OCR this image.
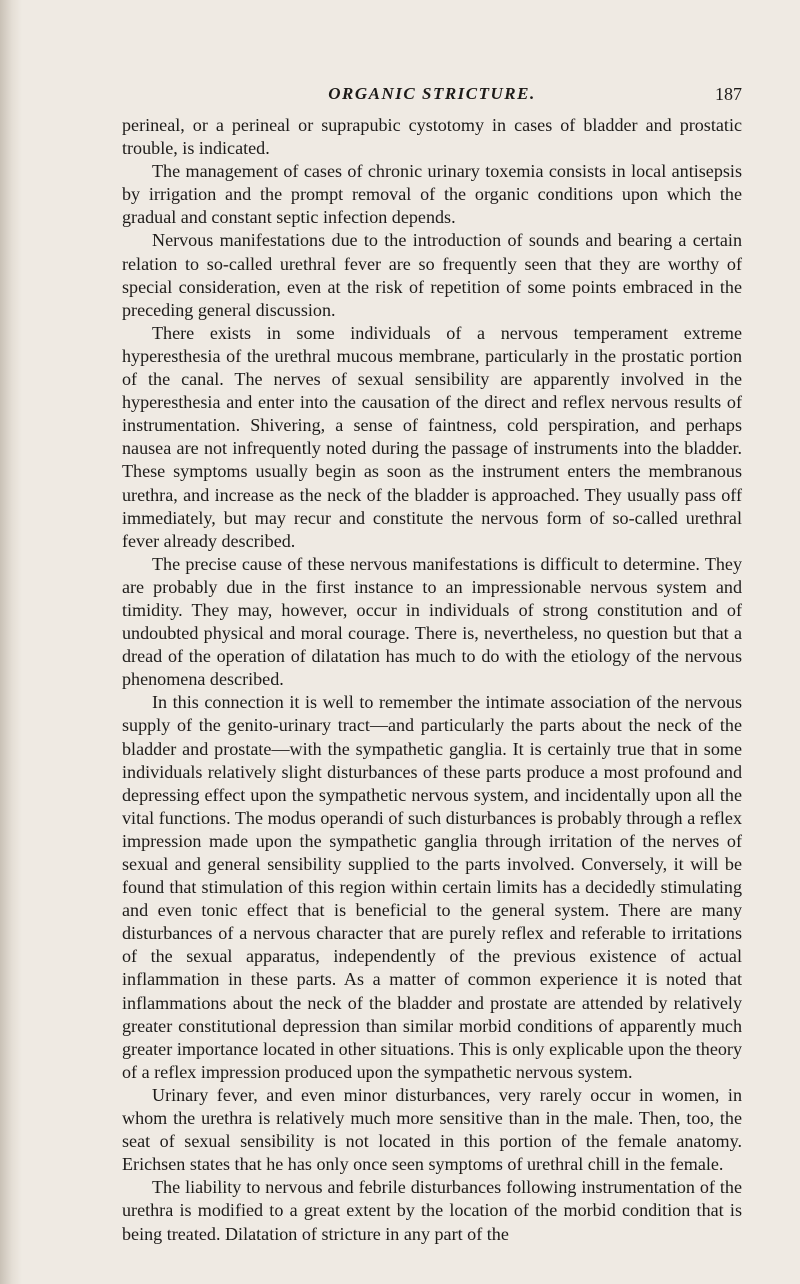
ORGANIC STRICTURE.	187

perineal, or a perineal or suprapubic cystotomy in cases of bladder and prostatic trouble, is indicated.

The management of cases of chronic urinary toxemia consists in local antisepsis by irrigation and the prompt removal of the organic conditions upon which the gradual and constant septic infection depends.

Nervous manifestations due to the introduction of sounds and bearing a certain relation to so-called urethral fever are so frequently seen that they are worthy of special consideration, even at the risk of repetition of some points embraced in the preceding general discussion.

There exists in some individuals of a nervous temperament extreme hyperesthesia of the urethral mucous membrane, particularly in the prostatic portion of the canal. The nerves of sexual sensibility are apparently involved in the hyperesthesia and enter into the causation of the direct and reflex nervous results of instrumentation. Shivering, a sense of faintness, cold perspiration, and perhaps nausea are not infrequently noted during the passage of instruments into the bladder. These symptoms usually begin as soon as the instrument enters the membranous urethra, and increase as the neck of the bladder is approached. They usually pass off immediately, but may recur and constitute the nervous form of so-called urethral fever already described.

The precise cause of these nervous manifestations is difficult to determine. They are probably due in the first instance to an impressionable nervous system and timidity. They may, however, occur in individuals of strong constitution and of undoubted physical and moral courage. There is, nevertheless, no question but that a dread of the operation of dilatation has much to do with the etiology of the nervous phenomena described.

In this connection it is well to remember the intimate association of the nervous supply of the genito-urinary tract—and particularly the parts about the neck of the bladder and prostate—with the sympathetic ganglia. It is certainly true that in some individuals relatively slight disturbances of these parts produce a most profound and depressing effect upon the sympathetic nervous system, and incidentally upon all the vital functions. The modus operandi of such disturbances is probably through a reflex impression made upon the sympathetic ganglia through irritation of the nerves of sexual and general sensibility supplied to the parts involved. Conversely, it will be found that stimulation of this region within certain limits has a decidedly stimulating and even tonic effect that is beneficial to the general system. There are many disturbances of a nervous character that are purely reflex and referable to irritations of the sexual apparatus, independently of the previous existence of actual inflammation in these parts. As a matter of common experience it is noted that inflammations about the neck of the bladder and prostate are attended by relatively greater constitutional depression than similar morbid conditions of apparently much greater importance located in other situations. This is only explicable upon the theory of a reflex impression produced upon the sympathetic nervous system.

Urinary fever, and even minor disturbances, very rarely occur in women, in whom the urethra is relatively much more sensitive than in the male. Then, too, the seat of sexual sensibility is not located in this portion of the female anatomy. Erichsen states that he has only once seen symptoms of urethral chill in the female.

The liability to nervous and febrile disturbances following instrumentation of the urethra is modified to a great extent by the location of the morbid condition that is being treated. Dilatation of stricture in any part of the
